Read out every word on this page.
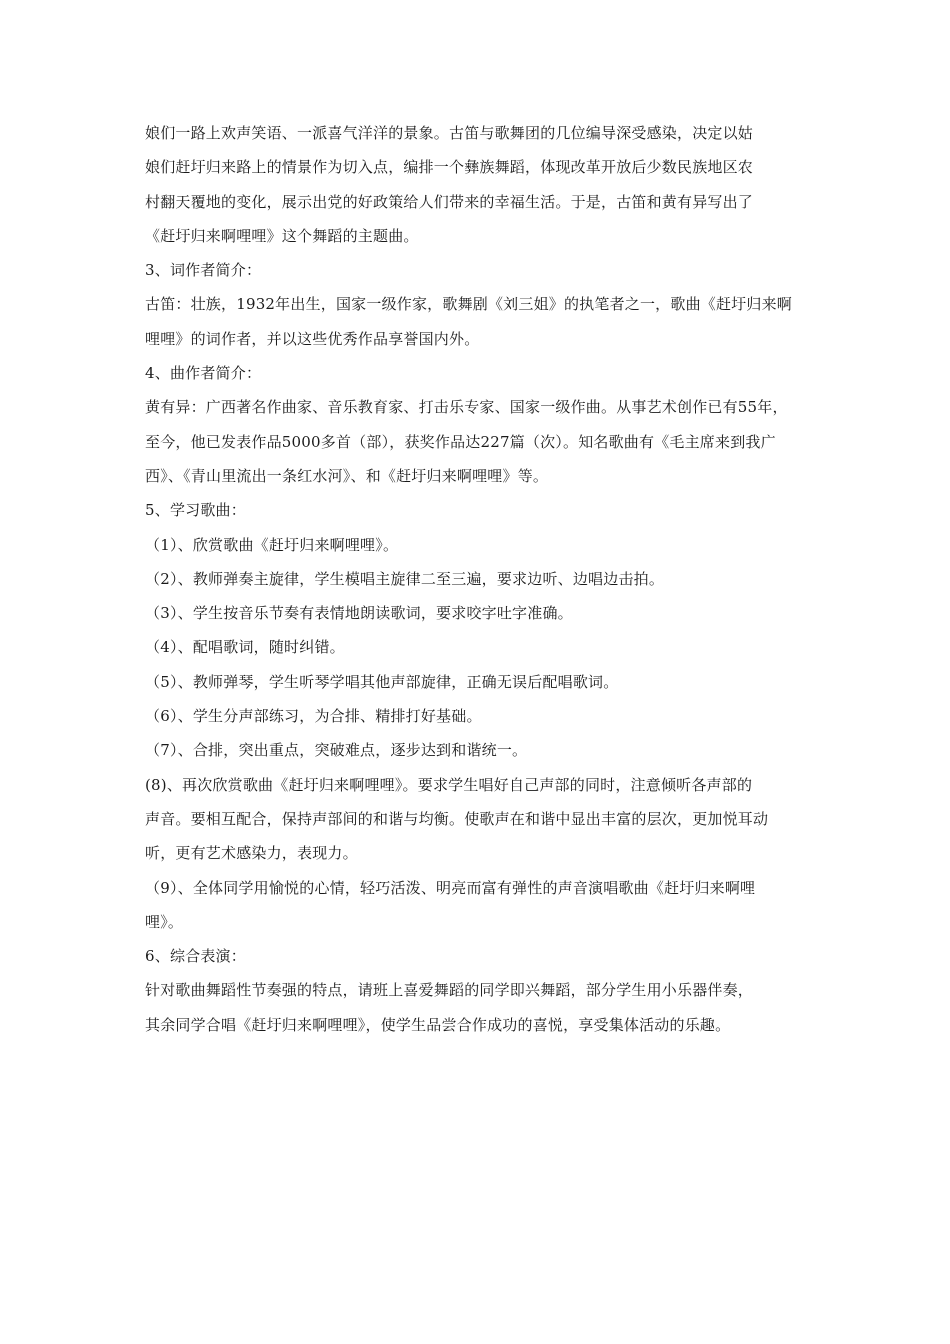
娘们一路上欢声笑语、一派喜气洋洋的景象。古笛与歌舞团的几位编导深受感染，决定以姑
娘们赶圩归来路上的情景作为切入点，编排一个彝族舞蹈，体现改革开放后少数民族地区农
村翻天覆地的变化，展示出党的好政策给人们带来的幸福生活。于是，古笛和黄有异写出了
《赶圩归来啊哩哩》这个舞蹈的主题曲。
3、词作者简介：
古笛：壮族，1932年出生，国家一级作家，歌舞剧《刘三姐》的执笔者之一，歌曲《赶圩归来啊
哩哩》的词作者，并以这些优秀作品享誉国内外。
4、曲作者简介：
黄有异：广西著名作曲家、音乐教育家、打击乐专家、国家一级作曲。从事艺术创作已有55年，
至今，他已发表作品5000多首（部），获奖作品达227篇（次）。知名歌曲有《毛主席来到我广
西》、《青山里流出一条红水河》、和《赶圩归来啊哩哩》等。
5、学习歌曲：
（1）、欣赏歌曲《赶圩归来啊哩哩》。
（2）、教师弹奏主旋律，学生模唱主旋律二至三遍，要求边听、边唱边击拍。
（3）、学生按音乐节奏有表情地朗读歌词，要求咬字吐字准确。
（4）、配唱歌词，随时纠错。
（5）、教师弹琴，学生听琴学唱其他声部旋律，正确无误后配唱歌词。
（6）、学生分声部练习，为合排、精排打好基础。
（7）、合排，突出重点，突破难点，逐步达到和谐统一。
(8)、再次欣赏歌曲《赶圩归来啊哩哩》。要求学生唱好自己声部的同时，注意倾听各声部的
声音。要相互配合，保持声部间的和谐与均衡。使歌声在和谐中显出丰富的层次，更加悦耳动
听，更有艺术感染力，表现力。
（9）、全体同学用愉悦的心情，轻巧活泼、明亮而富有弹性的声音演唱歌曲《赶圩归来啊哩
哩》。
6、综合表演：
针对歌曲舞蹈性节奏强的特点，请班上喜爱舞蹈的同学即兴舞蹈，部分学生用小乐器伴奏，
其余同学合唱《赶圩归来啊哩哩》，使学生品尝合作成功的喜悦，享受集体活动的乐趣。
